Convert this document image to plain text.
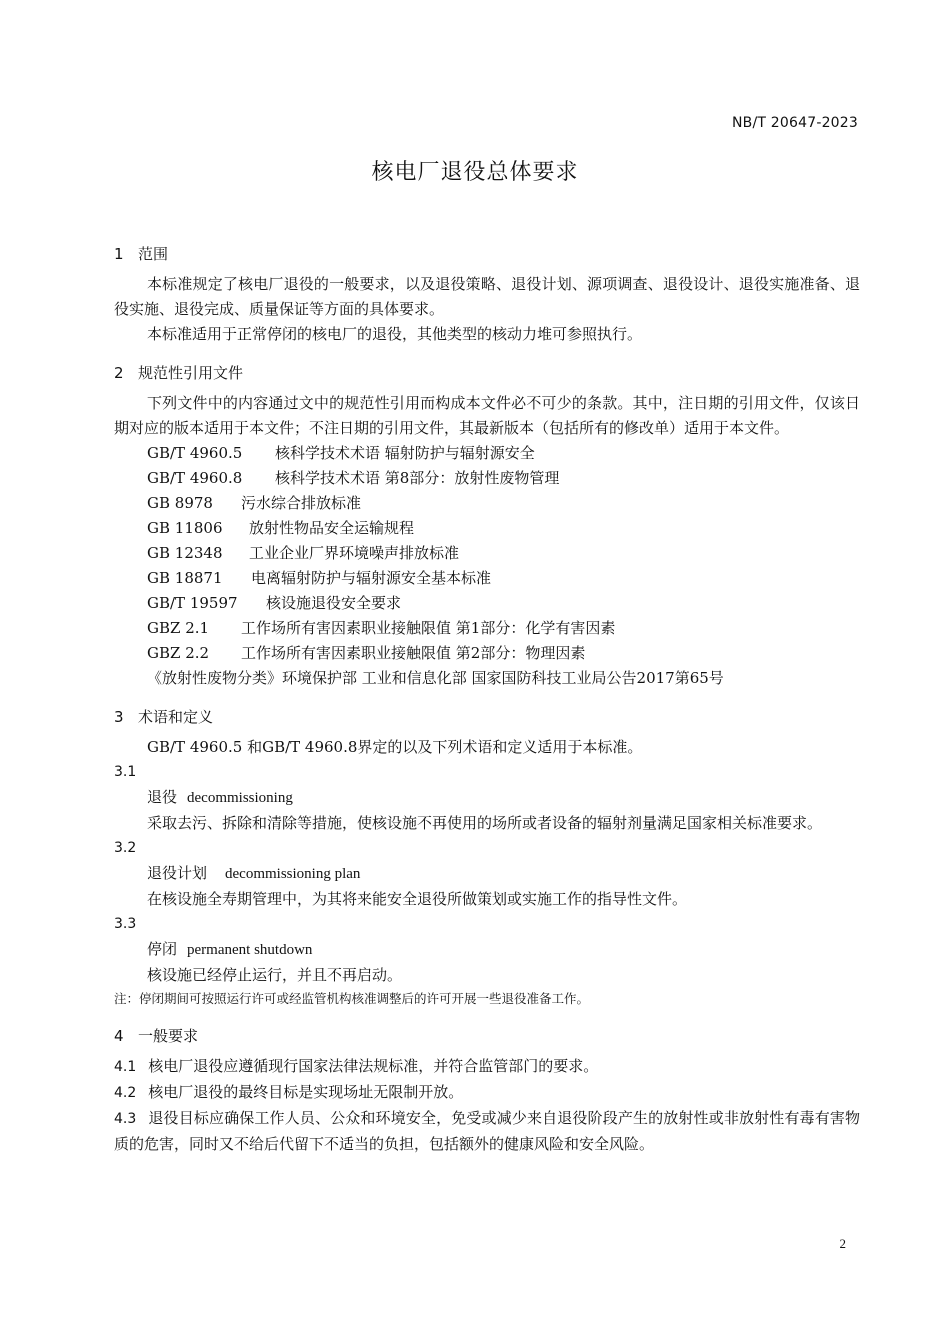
NB/T 20647-2023
核电厂退役总体要求
1 范围
本标准规定了核电厂退役的一般要求，以及退役策略、退役计划、源项调查、退役设计、退役实施准备、退役实施、退役完成、质量保证等方面的具体要求。
本标准适用于正常停闭的核电厂的退役，其他类型的核动力堆可参照执行。
2 规范性引用文件
下列文件中的内容通过文中的规范性引用而构成本文件必不可少的条款。其中，注日期的引用文件，仅该日期对应的版本适用于本文件；不注日期的引用文件，其最新版本（包括所有的修改单）适用于本文件。
GB/T 4960.5 核科学技术术语 辐射防护与辐射源安全
GB/T 4960.8 核科学技术术语 第8部分：放射性废物管理
GB 8978 污水综合排放标准
GB 11806 放射性物品安全运输规程
GB 12348 工业企业厂界环境噪声排放标准
GB 18871 电离辐射防护与辐射源安全基本标准
GB/T 19597 核设施退役安全要求
GBZ 2.1 工作场所有害因素职业接触限值 第1部分：化学有害因素
GBZ 2.2 工作场所有害因素职业接触限值 第2部分：物理因素
《放射性废物分类》环境保护部 工业和信息化部 国家国防科技工业局公告2017第65号
3 术语和定义
GB/T 4960.5 和GB/T 4960.8界定的以及下列术语和定义适用于本标准。
3.1
退役 decommissioning
采取去污、拆除和清除等措施，使核设施不再使用的场所或者设备的辐射剂量满足国家相关标准要求。
3.2
退役计划 decommissioning plan
在核设施全寿期管理中，为其将来能安全退役所做策划或实施工作的指导性文件。
3.3
停闭 permanent shutdown
核设施已经停止运行，并且不再启动。
注：停闭期间可按照运行许可或经监管机构核准调整后的许可开展一些退役准备工作。
4 一般要求
4.1 核电厂退役应遵循现行国家法律法规标准，并符合监管部门的要求。
4.2 核电厂退役的最终目标是实现场址无限制开放。
4.3 退役目标应确保工作人员、公众和环境安全，免受或减少来自退役阶段产生的放射性或非放射性有毒有害物质的危害，同时又不给后代留下不适当的负担，包括额外的健康风险和安全风险。
2
